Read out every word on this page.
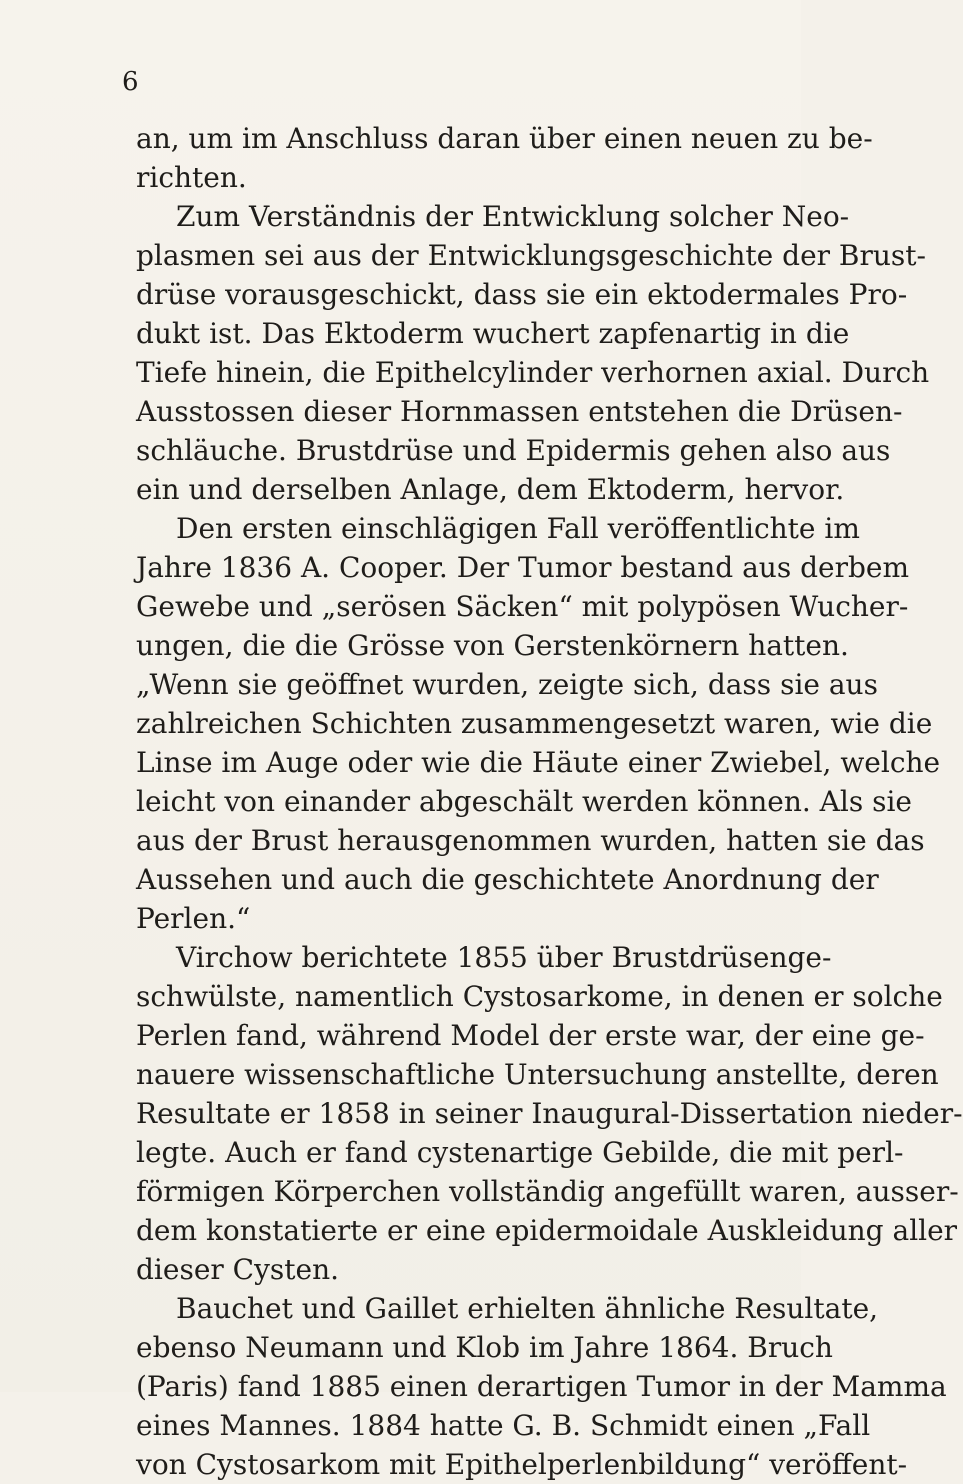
6
an, um im Anschluss daran über einen neuen zu be-
richten.
Zum Verständnis der Entwicklung solcher Neo-
plasmen sei aus der Entwicklungsgeschichte der Brust-
drüse vorausgeschickt, dass sie ein ektodermales Pro-
dukt ist. Das Ektoderm wuchert zapfenartig in die
Tiefe hinein, die Epithelcylinder verhornen axial. Durch
Ausstossen dieser Hornmassen entstehen die Drüsen-
schläuche. Brustdrüse und Epidermis gehen also aus
ein und derselben Anlage, dem Ektoderm, hervor.
Den ersten einschlägigen Fall veröffentlichte im
Jahre 1836 A. Cooper. Der Tumor bestand aus derbem
Gewebe und „serösen Säcken“ mit polypösen Wucher-
ungen, die die Grösse von Gerstenkörnern hatten.
„Wenn sie geöffnet wurden, zeigte sich, dass sie aus
zahlreichen Schichten zusammengesetzt waren, wie die
Linse im Auge oder wie die Häute einer Zwiebel, welche
leicht von einander abgeschält werden können. Als sie
aus der Brust herausgenommen wurden, hatten sie das
Aussehen und auch die geschichtete Anordnung der
Perlen.“
Virchow berichtete 1855 über Brustdrüsenge-
schwülste, namentlich Cystosarkome, in denen er solche
Perlen fand, während Model der erste war, der eine ge-
nauere wissenschaftliche Untersuchung anstellte, deren
Resultate er 1858 in seiner Inaugural-Dissertation nieder-
legte. Auch er fand cystenartige Gebilde, die mit perl-
förmigen Körperchen vollständig angefüllt waren, ausser-
dem konstatierte er eine epidermoidale Auskleidung aller
dieser Cysten.
Bauchet und Gaillet erhielten ähnliche Resultate,
ebenso Neumann und Klob im Jahre 1864. Bruch
(Paris) fand 1885 einen derartigen Tumor in der Mamma
eines Mannes. 1884 hatte G. B. Schmidt einen „Fall
von Cystosarkom mit Epithelperlenbildung“ veröffent-
